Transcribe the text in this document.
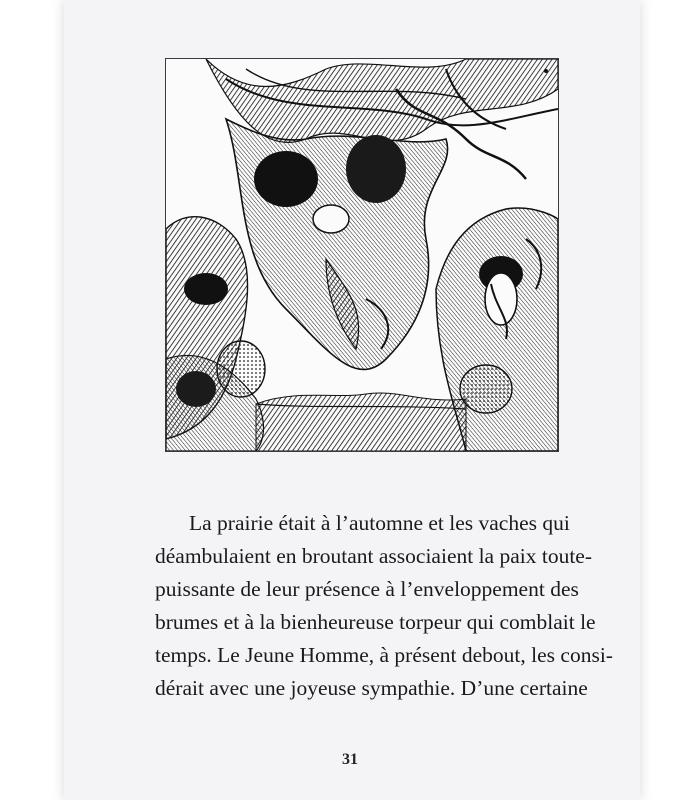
La prairie était à l’automne et les vaches qui
déambulaient en broutant associaient la paix toute-
puissante de leur présence à l’enveloppement des
brumes et à la bienheureuse torpeur qui comblait le
temps. Le Jeune Homme, à présent debout, les consi-
dérait avec une joyeuse sympathie. D’une certaine
31
